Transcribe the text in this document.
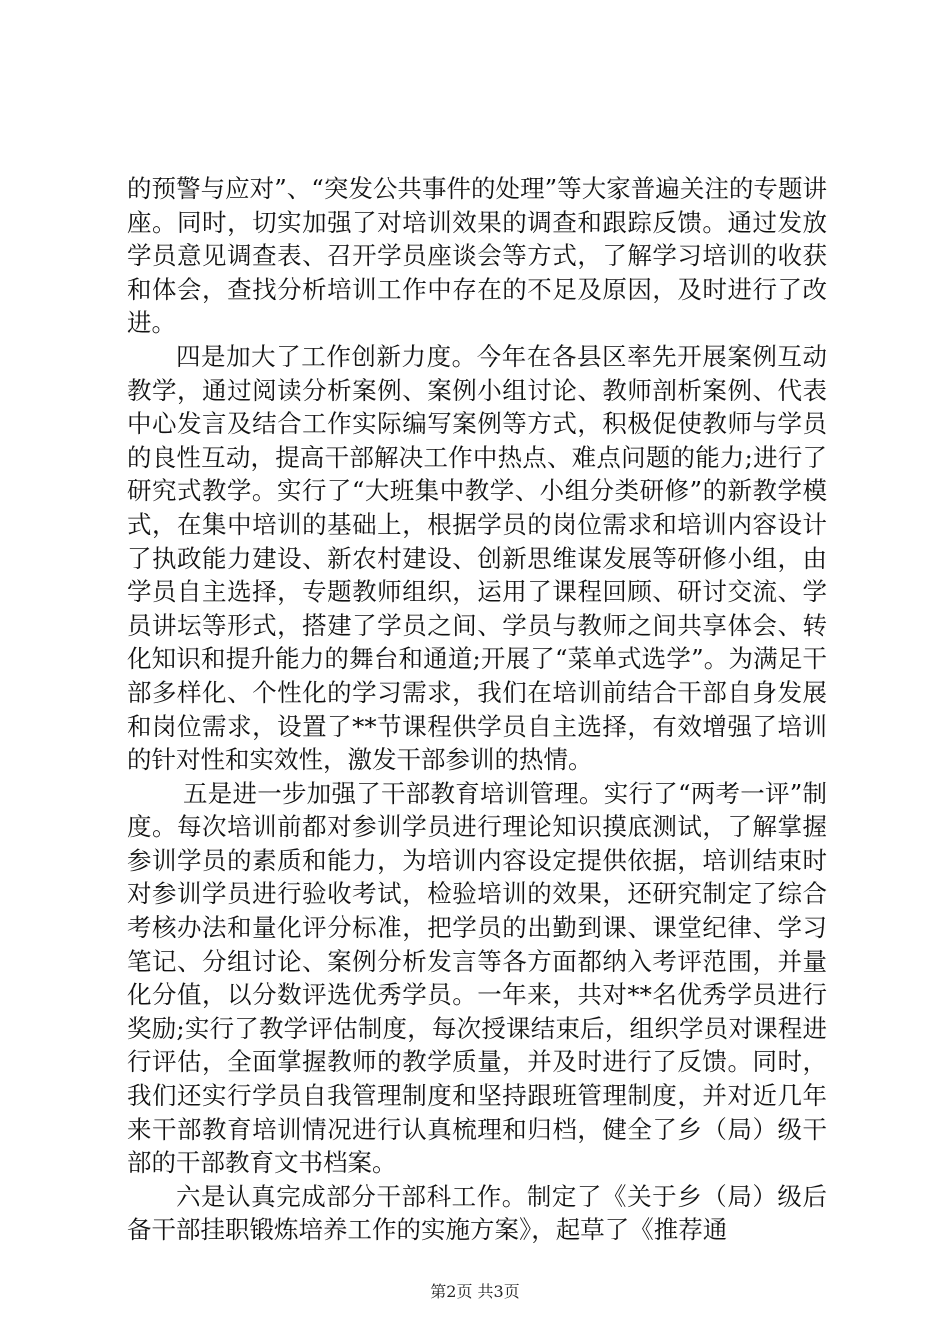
的预警与应对”、“突发公共事件的处理”等大家普遍关注的专题讲座。同时，切实加强了对培训效果的调查和跟踪反馈。通过发放学员意见调查表、召开学员座谈会等方式，了解学习培训的收获和体会，查找分析培训工作中存在的不足及原因，及时进行了改进。

四是加大了工作创新力度。今年在各县区率先开展案例互动教学，通过阅读分析案例、案例小组讨论、教师剖析案例、代表中心发言及结合工作实际编写案例等方式，积极促使教师与学员的良性互动，提高干部解决工作中热点、难点问题的能力;进行了研究式教学。实行了“大班集中教学、小组分类研修”的新教学模式，在集中培训的基础上，根据学员的岗位需求和培训内容设计了执政能力建设、新农村建设、创新思维谋发展等研修小组，由学员自主选择，专题教师组织，运用了课程回顾、研讨交流、学员讲坛等形式，搭建了学员之间、学员与教师之间共享体会、转化知识和提升能力的舞台和通道;开展了“菜单式选学”。为满足干部多样化、个性化的学习需求，我们在培训前结合干部自身发展和岗位需求，设置了**节课程供学员自主选择，有效增强了培训的针对性和实效性，激发干部参训的热情。

五是进一步加强了干部教育培训管理。实行了“两考一评”制度。每次培训前都对参训学员进行理论知识摸底测试，了解掌握参训学员的素质和能力，为培训内容设定提供依据，培训结束时对参训学员进行验收考试，检验培训的效果，还研究制定了综合考核办法和量化评分标准，把学员的出勤到课、课堂纪律、学习笔记、分组讨论、案例分析发言等各方面都纳入考评范围，并量化分值，以分数评选优秀学员。一年来，共对**名优秀学员进行奖励;实行了教学评估制度，每次授课结束后，组织学员对课程进行评估，全面掌握教师的教学质量，并及时进行了反馈。同时，我们还实行学员自我管理制度和坚持跟班管理制度，并对近几年来干部教育培训情况进行认真梳理和归档，健全了乡（局）级干部的干部教育文书档案。

六是认真完成部分干部科工作。制定了《关于乡（局）级后备干部挂职锻炼培养工作的实施方案》，起草了《推荐通

第2页 共3页
